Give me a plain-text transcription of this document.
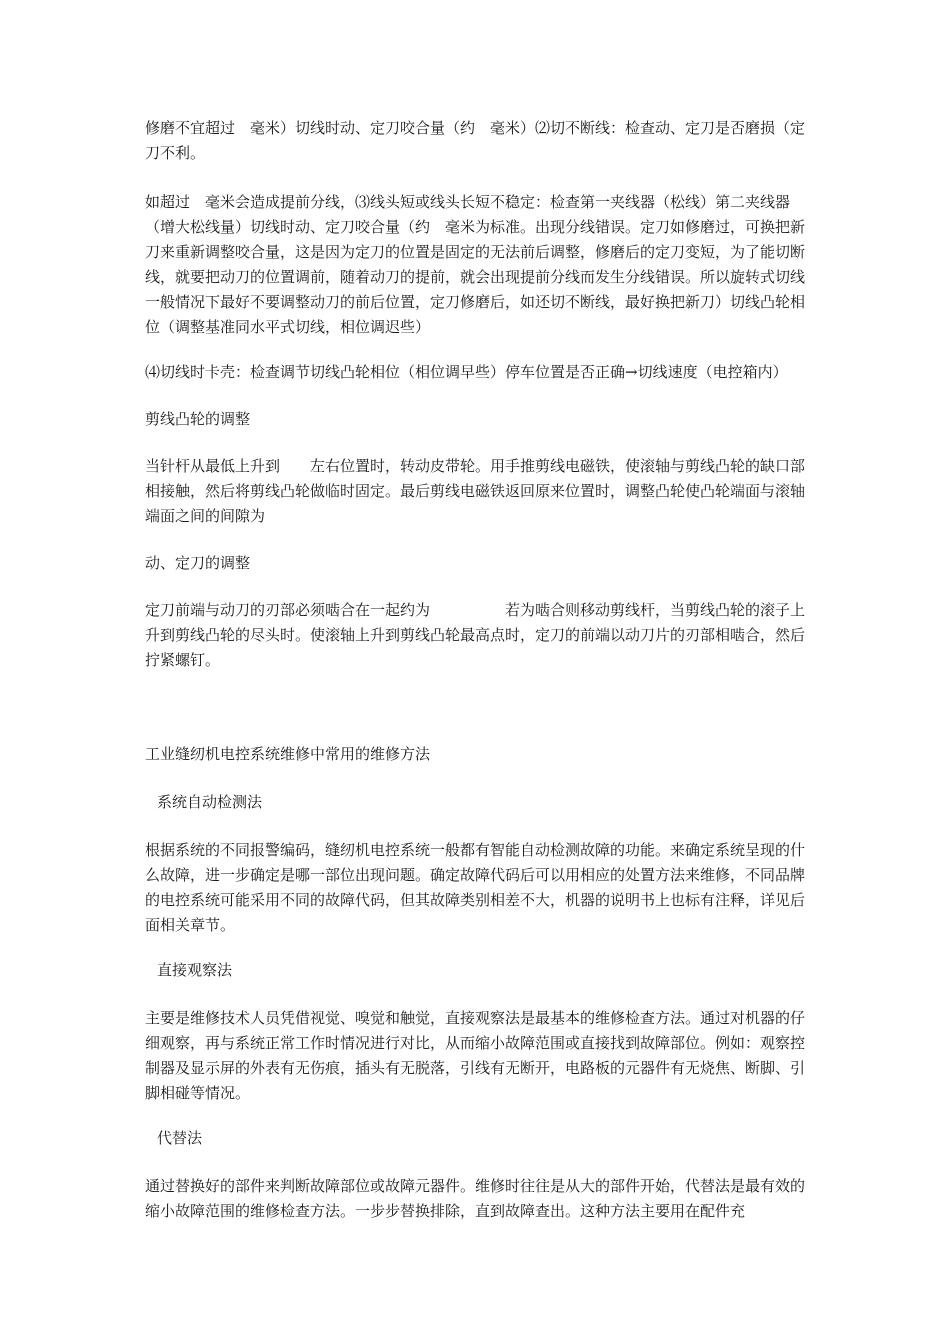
修磨不宜超过　毫米）切线时动、定刀咬合量（约　毫米）⑵切不断线：检查动、定刀是否磨损（定刀不利。

如超过　毫米会造成提前分线，⑶线头短或线头长短不稳定：检查第一夹线器（松线）第二夹线器（增大松线量）切线时动、定刀咬合量（约　毫米为标准。出现分线错误。定刀如修磨过，可换把新刀来重新调整咬合量，这是因为定刀的位置是固定的无法前后调整，修磨后的定刀变短，为了能切断线，就要把动刀的位置调前，随着动刀的提前，就会出现提前分线而发生分线错误。所以旋转式切线一般情况下最好不要调整动刀的前后位置，定刀修磨后，如还切不断线，最好换把新刀）切线凸轮相位（调整基准同水平式切线，相位调迟些）

⑷切线时卡壳：检查调节切线凸轮相位（相位调早些）停车位置是否正确→切线速度（电控箱内）

剪线凸轮的调整

当针杆从最低上升到　　左右位置时，转动皮带轮。用手推剪线电磁铁，使滚轴与剪线凸轮的缺口部相接触，然后将剪线凸轮做临时固定。最后剪线电磁铁返回原来位置时，调整凸轮使凸轮端面与滚轴端面之间的间隙为

动、定刀的调整

定刀前端与动刀的刃部必须啮合在一起约为　　　　　若为啮合则移动剪线杆，当剪线凸轮的滚子上升到剪线凸轮的尽头时。使滚轴上升到剪线凸轮最高点时，定刀的前端以动刀片的刃部相啮合，然后拧紧螺钉。

工业缝纫机电控系统维修中常用的维修方法

系统自动检测法

根据系统的不同报警编码，缝纫机电控系统一般都有智能自动检测故障的功能。来确定系统呈现的什么故障，进一步确定是哪一部位出现问题。确定故障代码后可以用相应的处置方法来维修，不同品牌的电控系统可能采用不同的故障代码，但其故障类别相差不大，机器的说明书上也标有注释，详见后面相关章节。

直接观察法

主要是维修技术人员凭借视觉、嗅觉和触觉，直接观察法是最基本的维修检查方法。通过对机器的仔细观察，再与系统正常工作时情况进行对比，从而缩小故障范围或直接找到故障部位。例如：观察控制器及显示屏的外表有无伤痕，插头有无脱落，引线有无断开，电路板的元器件有无烧焦、断脚、引脚相碰等情况。

代替法

通过替换好的部件来判断故障部位或故障元器件。维修时往往是从大的部件开始，代替法是最有效的缩小故障范围的维修检查方法。一步步替换排除，直到故障查出。这种方法主要用在配件充
